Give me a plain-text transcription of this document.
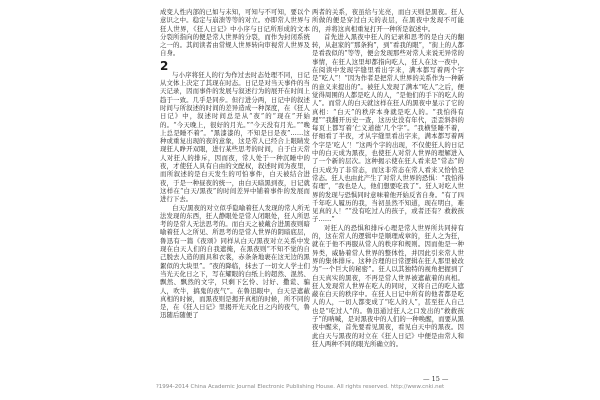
成变人性内部的已如与未知，可知与不可知，要以个意识之中。稳定与崩溃等等的对立。亦即常人世界与狂人世界，《狂人日记》中小序与日记所形成的文本分裂所指向的便是常人世界的分裂，而作为封闭系统之一的。其间读者由常规人世界转向审视常人世界及自身。

2

与小序将狂人的行为作过去时态处理不同，日记从文体上决定了其现在时态。日记是对当天事件的当天记录，因而事件的发展与叙述行为的展开在时间上趋于一致。几乎是同步。但行进分两，日记中的叙述时间与所叙述的时间的差异造成一种深度，在《狂人日记》中，叙述时间总是从“夜”的“现在”开始的。“今天晚上，很好的月光。”“今天没有月光。”“晚上总是睡不着”。“黑漆漆的，不知是日是夜”……这种或重复出现的夜的意象，这是常人已经合上眼睛发现狂人睁开双眼，进行某些思考的时间，自于白天常人对狂人的排斥，因而夜，常人处于一种沉睡中的夜，才使狂人具有自由的文配权，叙述时间为夜里，而所叙述的是白天发生的可怕事件，白天被结合进夜，于是一种昼夜的统一，由白天暗黑到夜，日记就这样在“白天/黑夜”的时间差异中铺着事件的发展而进行下去。

白天/黑夜的对立似乎隐喻着狂人发现的常人所无法发现的东西，狂人静眼处是常人闭眼处，狂人所思考的是常人无法思考的。而白天之被戴合进黑夜则暗喻着狂人之所见、所思考的是常人世界的阴暗底层，鲁迅有一篇《夜颂》同样从白天/黑夜对立关系中发现在白天人们的自我遮掩，在黑夜则“不知不觉的自己脱去人造的面具和衣裳，赤条条地裹在这无边的黑絮似的大块里”。“夜的降临，抹去了一切文人学士们当光天化日之下，写在耀眼的白纸上的超然、混然、飘然、飘然的文字，只剩下乞怜、讨好、撒谎、骗人，吹牛，搞鬼的夜气”。在鲁迅眼中，白天是遮蔽真相的时候，而黑夜则是揭开真相的时候，所不同的是，在《狂人日记》里揭开光天化日之内的夜气，鲁迅随后随便了

两者的关系，夜虽给与光亮，而白天则是黑夜。狂人所做的便是穿过白天的表层，在黑夜中发现不可能的，并将这真相重复打开一种所是叙述中。

首先进入黑夜中狂人的记录和思考的是白天的翻转，从赵家的“那条狗”，到“看我的眼”，“街上的人都是看我似的”等等，便会发现那些对常人来说无异常的事情，在狂人这里却都指向吃人，狂人在这一夜中，在阅读中发现字缝里看出字来，满本都写着两个字是“吃人”！“因为作者是把常人世界的关系作为一种新的意义来提出的”。被狂人发现了满本“吃人”之后，便觉得周围的人都是吃人的人，“是他们的手下的吃人的人”。而常人的白天就这样在狂人的黑夜中显示了它的真相：“白天”的秩序本身就是吃人的。“我怕得有理”“我翻开历史一查，这历史没有年代，歪歪斜斜的每页上都写着‘仁义道德’几个字”。“我横竖睡不着，仔细看了半夜，才从字缝里看出字来，满本都写着两个字是‘吃人’！”这两个字的出现，不仅使狂人的日记中的白天成为黑夜，也使狂人对常人世界的理解进入了一个新的层次。这种揭示使在狂人看来是“常态”的白天成为了非常态，而这非常态在常人看来又恰恰是常态。狂人也由此产生了对常人世界的恐惧：“我怕得有理”，“我也是人，他们想要吃我了”。狂人对吃人世界的发现与恐惧同时意味着他开始反省自身。“有了四千年吃人履历的我，当初虽然不知道，现在明白，难见真的人！”“没有吃过人的孩子，或者还有？救救孩子……”

对狂人的恐惧和排斥心理是常人世界所共同持有的，这在常人的逻辑中是顺理成章的，狂人之为狂，就在于他不再服从常人的秩序和规则。因而他是一种异类，威胁着常人世界的整体性，并因此引来常人世界的集体排斥。这种合理的日常逻辑在狂人那里被改为“一个巨大的秘密”。狂人以其独特的视角把握到了白天真实的黑夜，不再是常人世界被遮蔽着的真相。狂人发现常人世界在吃人的同时，又将自己的吃人遮蔽在白天的秩序中。在狂人日记中所有的他者都是吃人的人，一切人都变成了“吃人的人”，甚至狂人自己也是“吃过人”的。鲁迅通过狂人之口发出的“救救孩子”的呐喊，是对黑夜中的人们的一种唤醒，而要从黑夜中醒来，首先要看见黑夜，看见白天中的黑夜。因此白天与黑夜的对立在《狂人日记》中便是由常人和狂人两种不同的眼光所确立的。

— 15 —
?1994-2014 China Academic Journal Electronic Publishing House. All rights reserved. http://www.cnki.net
